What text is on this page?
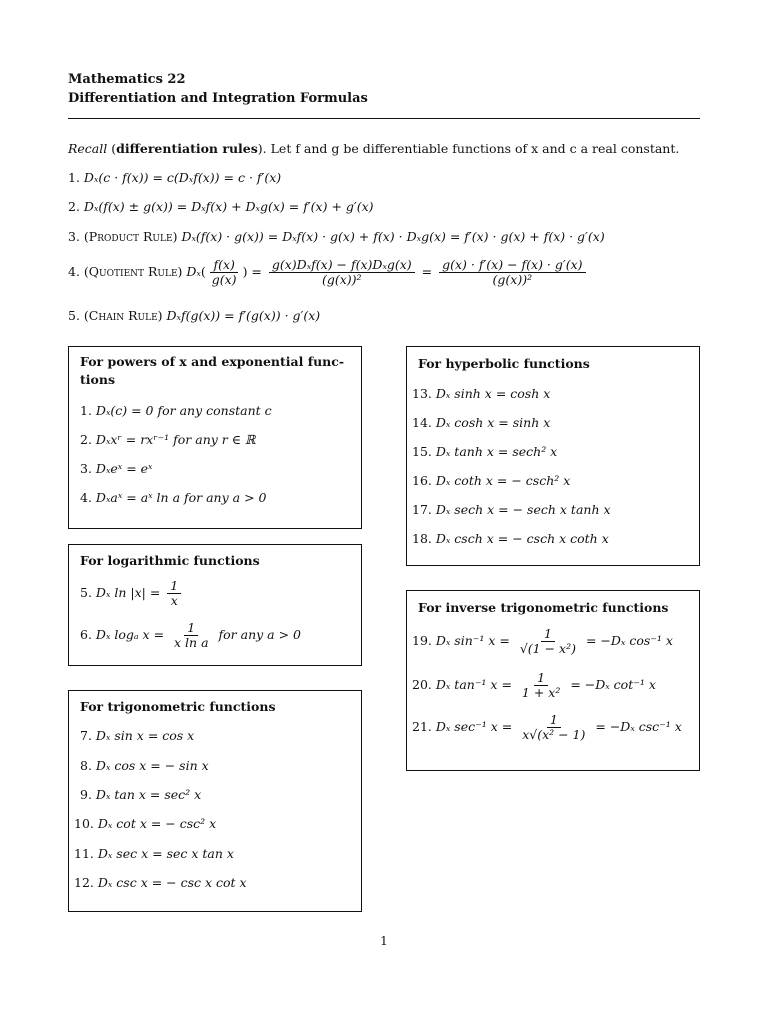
Mathematics 22
Differentiation and Integration Formulas
Recall (differentiation rules). Let f and g be differentiable functions of x and c a real constant.
1. Dₓ(c · f(x)) = c(Dₓf(x)) = c · f′(x)
2. Dₓ(f(x) ± g(x)) = Dₓf(x) + Dₓg(x) = f′(x) + g′(x)
3. (Product Rule) Dₓ(f(x) · g(x)) = Dₓf(x) · g(x) + f(x) · Dₓg(x) = f′(x) · g(x) + f(x) · g′(x)
4. (Quotient Rule) $D_x( \frac{f(x)}{g(x)}$ ) = $\frac{\text{g(x)Dₓf(x) − f(x)Dₓg(x)}}{\text{(g(x))²}} = \frac{g(x) \cdot f'(x) - f(x) \cdot g'(x)}{\text{(g(x))²}}$
5. (Chain Rule) Dₓf(g(x)) = f′(g(x)) · g′(x)
For powers of x and exponential func-
tions
1. Dₓ(c) = 0 for any constant c
2. Dₓxʳ = rxʳ⁻¹ for any r ∈ ℝ
3. Dₓeˣ = eˣ
4. Dₓaˣ = aˣ ln a for any a > 0
For logarithmic functions
5. Dₓ $\ln |x| = \frac{1}{x}$
6. Dₓ logₐ $x = \frac{1}{\text{x ln a}}$ for any a > 0
For trigonometric functions
7. Dₓ sin x = cos x
8. Dₓ cos x = − sin x
9. Dₓ tan x = sec² x
10. Dₓ cot x = − csc² x
11. Dₓ sec x = sec x tan x
12. Dₓ csc x = − csc x cot x
For hyperbolic functions
13. Dₓ sinh x = cosh x
14. Dₓ cosh x = sinh x
15. Dₓ tanh x = sech² x
16. Dₓ coth x = − csch² x
17. Dₓ sech x = − sech x tanh x
18. Dₓ csch x = − csch x coth x
For inverse trigonometric functions
19. Dₓ sin⁻¹ $x = \frac{1}{\text{√(1 − x²)}} = -D_x$ cos⁻¹ x
20. Dₓ tan⁻¹ $x = \frac{1}{\text{1 + x²}} = -D_x$ cot⁻¹ x
21. Dₓ sec⁻¹ $x = \frac{1}{\text{x√(x² − 1)}} = -D_x$ csc⁻¹ x
1
